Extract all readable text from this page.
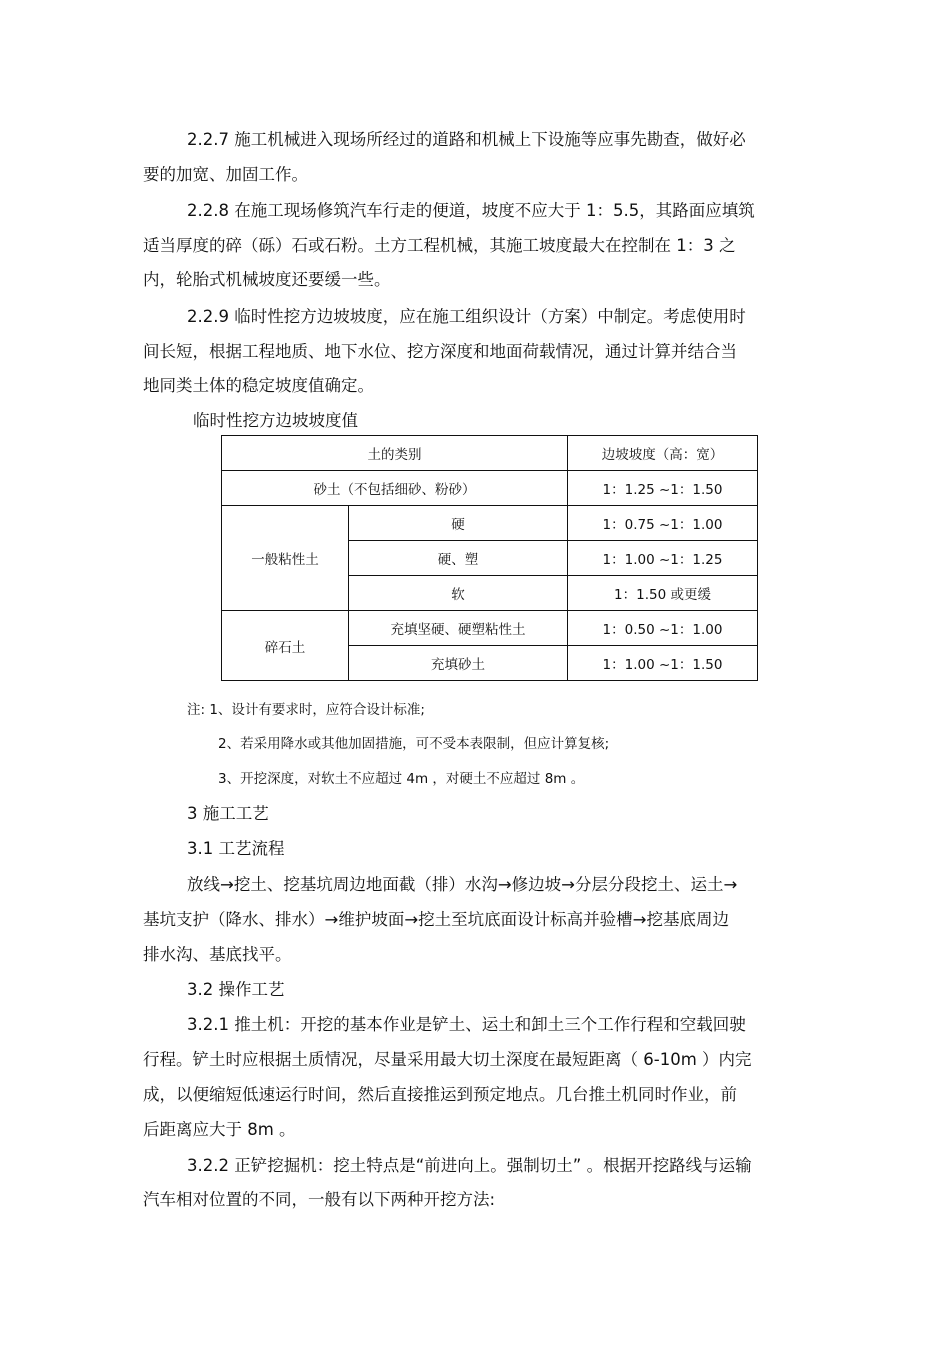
2.2.7 施工机械进入现场所经过的道路和机械上下设施等应事先勘查，做好必
要的加宽、加固工作。
2.2.8 在施工现场修筑汽车行走的便道，坡度不应大于 1：5.5，其路面应填筑
适当厚度的碎（砾）石或石粉。土方工程机械，其施工坡度最大在控制在 1：3 之
内，轮胎式机械坡度还要缓一些。
2.2.9 临时性挖方边坡坡度，应在施工组织设计（方案）中制定。考虑使用时
间长短，根据工程地质、地下水位、挖方深度和地面荷载情况，通过计算并结合当
地同类土体的稳定坡度值确定。
临时性挖方边坡坡度值
土的类别		边坡坡度（高：宽）
砂土（不包括细砂、粉砂）		1：1.25 ~1：1.50
一般粘性土	硬	1：0.75 ~1：1.00
	硬、塑	1：1.00 ~1：1.25
	软	1：1.50 或更缓
碎石土	充填坚硬、硬塑粘性土	1：0.50 ~1：1.00
	充填砂土	1：1.00 ~1：1.50
注: 1、设计有要求时，应符合设计标准;
2、若采用降水或其他加固措施，可不受本表限制，但应计算复核;
3、开挖深度，对软土不应超过 4m ，对硬土不应超过 8m 。
3 施工工艺
3.1 工艺流程
放线→挖土、挖基坑周边地面截（排）水沟→修边坡→分层分段挖土、运土→
基坑支护（降水、排水）→维护坡面→挖土至坑底面设计标高并验槽→挖基底周边
排水沟、基底找平。
3.2 操作工艺
3.2.1 推土机：开挖的基本作业是铲土、运土和卸土三个工作行程和空载回驶
行程。铲土时应根据土质情况，尽量采用最大切土深度在最短距离（ 6-10m ）内完
成，以便缩短低速运行时间，然后直接推运到预定地点。几台推土机同时作业，前
后距离应大于 8m 。
3.2.2 正铲挖掘机：挖土特点是“前进向上。强制切土” 。根据开挖路线与运输
汽车相对位置的不同，一般有以下两种开挖方法:
